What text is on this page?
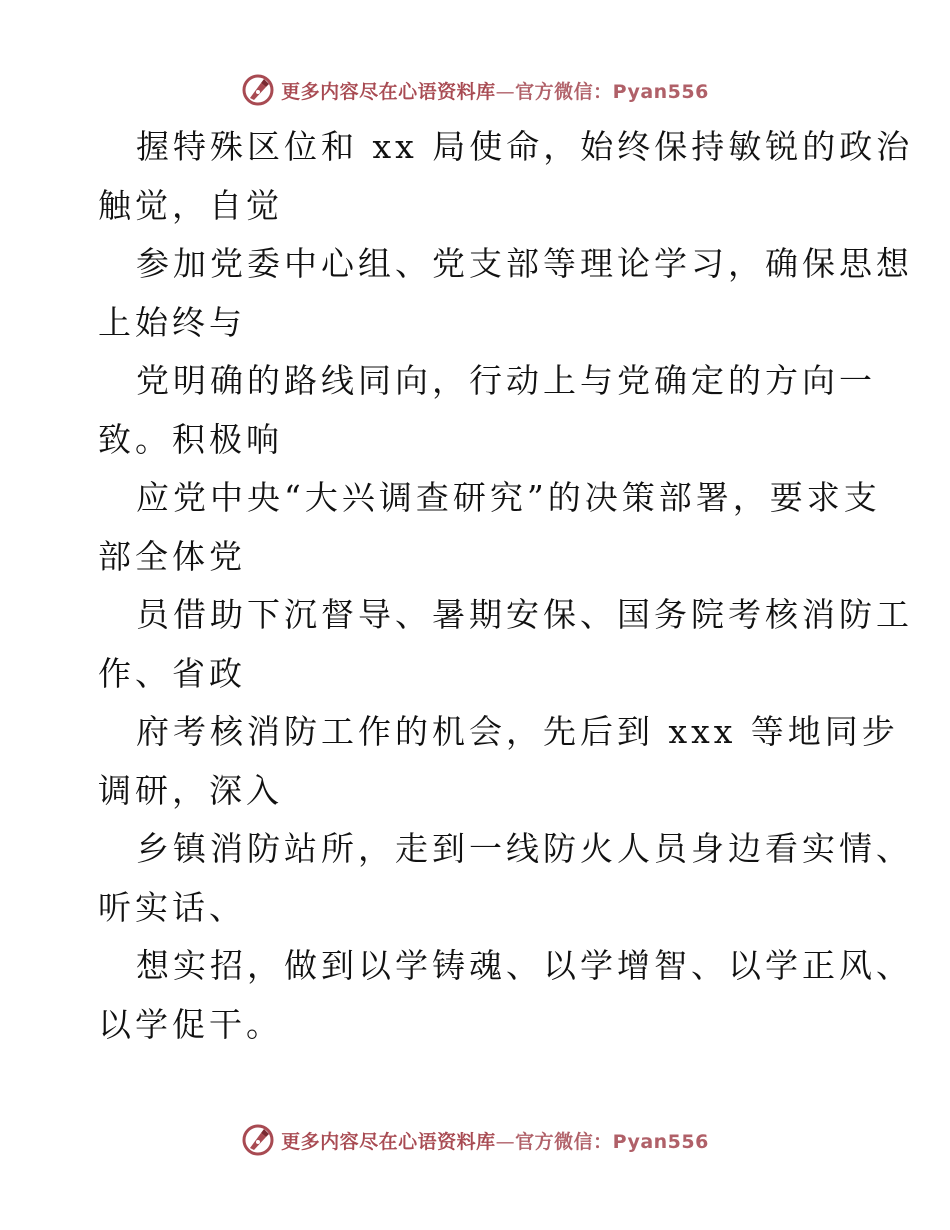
更多内容尽在心语资料库—官方微信：Pyan556
握特殊区位和 xx 局使命，始终保持敏锐的政治
触觉，自觉
参加党委中心组、党支部等理论学习，确保思想
上始终与
党明确的路线同向，行动上与党确定的方向一
致。积极响
应党中央“大兴调查研究”的决策部署，要求支
部全体党
员借助下沉督导、暑期安保、国务院考核消防工
作、省政
府考核消防工作的机会，先后到 xxx 等地同步
调研，深入
乡镇消防站所，走到一线防火人员身边看实情、
听实话、
想实招，做到以学铸魂、以学增智、以学正风、
以学促干。
更多内容尽在心语资料库—官方微信：Pyan556
